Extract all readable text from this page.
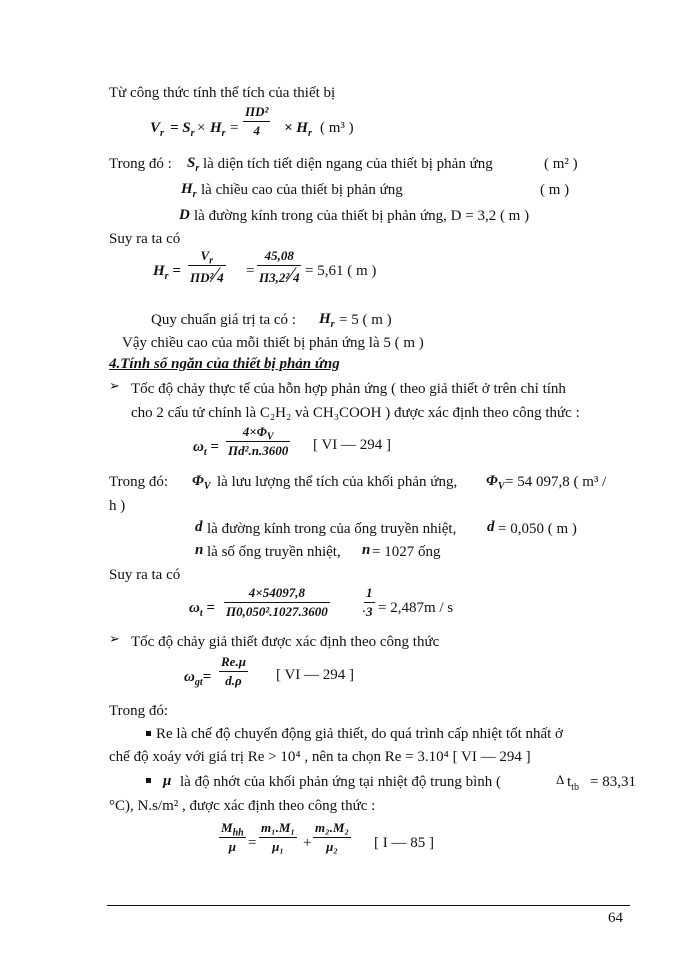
Từ công thức tính thể tích của thiết bị
$V_r = S_r \times H_r$ =
ΠD²
$4 \times H_r$ ( m³ )
Trong đó : $S_r$ là diện tích tiết diện ngang của thiết bị phản ứng	( m² )
$H_r$ là chiều cao của thiết bị phản ứng	( m )
D là đường kính trong của thiết bị phản ứng, D = 3,2 ( m )
Suy ra ta có
$H_r$ =
$V_r$
ΠD²⁄4 =
45,08
Π3,2²⁄4 = 5,61 ( m )
Quy chuẩn giá trị ta có : $H_r = 5$ ( m )
Vậy chiều cao của mỗi thiết bị phản ứng là 5 ( m )
4.Tính số ngăn của thiết bị phản ứng
➢ Tốc độ chảy thực tế của hỗn hợp phản ứng ( theo giả thiết ở trên chỉ tính
cho 2 cấu tử chính là C₂H₂ và CH₃COOH ) được xác định theo công thức :
$\omega_t$ =
$4\times\Phi_V$
Πd².n.3600 [ VI — 294 ]
Trong đó: $\Phi_V$ là lưu lượng thể tích của khối phản ứng, $\Phi_V = 54$ 097,8 ( m³ /
h )
d là đường kính trong của ống truyền nhiệt, d = 0,050 ( m )
n là số ống truyền nhiệt, n = 1027 ống
Suy ra ta có
$\omega_t$ =
4×54097,8
Π0,050².1027.3600 .
1
3 = 2,487m / s
➢ Tốc độ chảy giả thiết được xác định theo công thức
$\omega_{gt}=$
Re.μ
d.ρ [ VI — 294 ]
Trong đó:
Re là chế độ chuyển động giả thiết, do quá trình cấp nhiệt tốt nhất ở
chế độ xoáy với giá trị Re > 10⁴ , nên ta chọn Re = 3.10⁴ [ VI — 294 ]
μ là độ nhớt của khối phản ứng tại nhiệt độ trung bình (	Δ $t_{tb} = 83,31$
°C), N.s/m² , được xác định theo công thức :
$M_{hh}$
μ =
m₁.M₁
μ₁ +
m₂.M₂
μ₂ [ I — 85 ]
64
